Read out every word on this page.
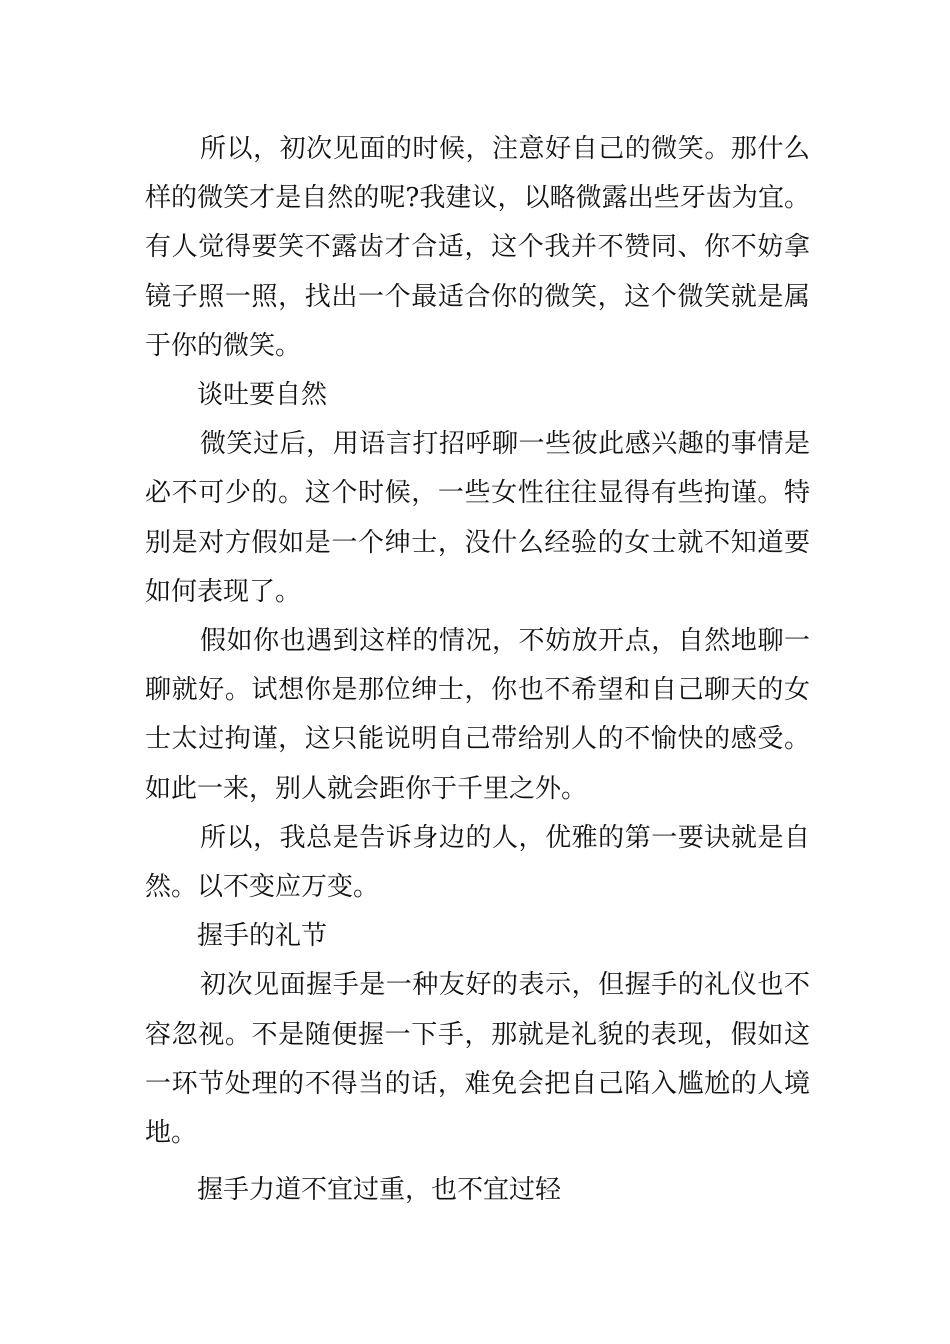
所以，初次见面的时候，注意好自己的微笑。那什么样的微笑才是自然的呢?我建议，以略微露出些牙齿为宜。有人觉得要笑不露齿才合适，这个我并不赞同、你不妨拿镜子照一照，找出一个最适合你的微笑，这个微笑就是属于你的微笑。

谈吐要自然

微笑过后，用语言打招呼聊一些彼此感兴趣的事情是必不可少的。这个时候，一些女性往往显得有些拘谨。特别是对方假如是一个绅士，没什么经验的女士就不知道要如何表现了。

假如你也遇到这样的情况，不妨放开点，自然地聊一聊就好。试想你是那位绅士，你也不希望和自己聊天的女士太过拘谨，这只能说明自己带给别人的不愉快的感受。如此一来，别人就会距你于千里之外。

所以，我总是告诉身边的人，优雅的第一要诀就是自然。以不变应万变。

握手的礼节

初次见面握手是一种友好的表示，但握手的礼仪也不容忽视。不是随便握一下手，那就是礼貌的表现，假如这一环节处理的不得当的话，难免会把自己陷入尴尬的人境地。

握手力道不宜过重，也不宜过轻
